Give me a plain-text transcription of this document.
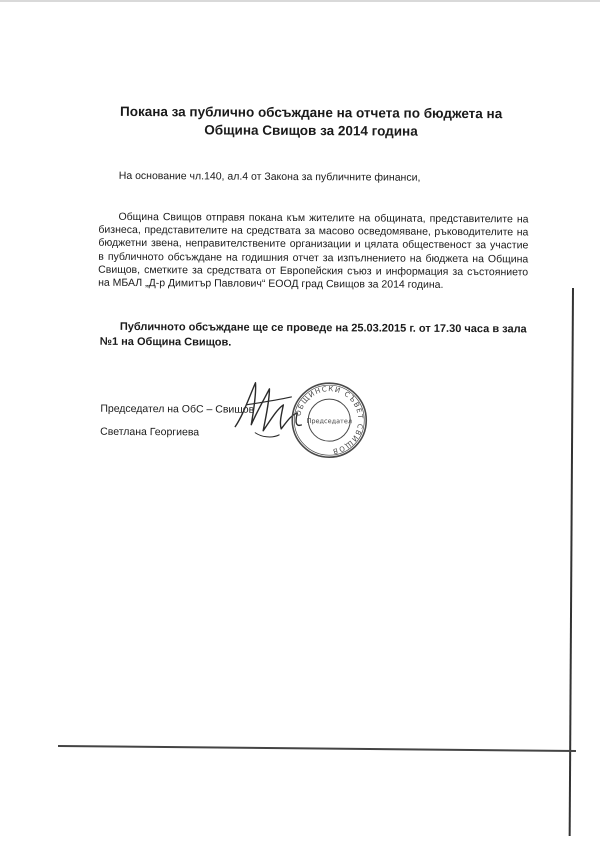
Покана за публично обсъждане на отчета по бюджета на
Община Свищов за 2014 година

На основание чл.140, ал.4 от Закона за публичните финанси,

Община Свищов отправя покана към жителите на общината, представителите на бизнеса, представителите на средствата за масово осведомяване, ръководителите на бюджетни звена, неправителствените организации и цялата общественост за участие в публичното обсъждане на годишния отчет за изпълнението на бюджета на Община Свищов, сметките за средствата от Европейския съюз и информация за състоянието на МБАЛ „Д-р Димитър Павлович“ ЕООД град Свищов за 2014 година.

Публичното обсъждане ще се проведе на 25.03.2015 г. от 17.30 часа в зала №1 на Община Свищов.

Председател на ОбС – Свищов

Светлана Георгиева

ОБЩИНСКИ СЪВЕТ СВИЩОВ
Председател
